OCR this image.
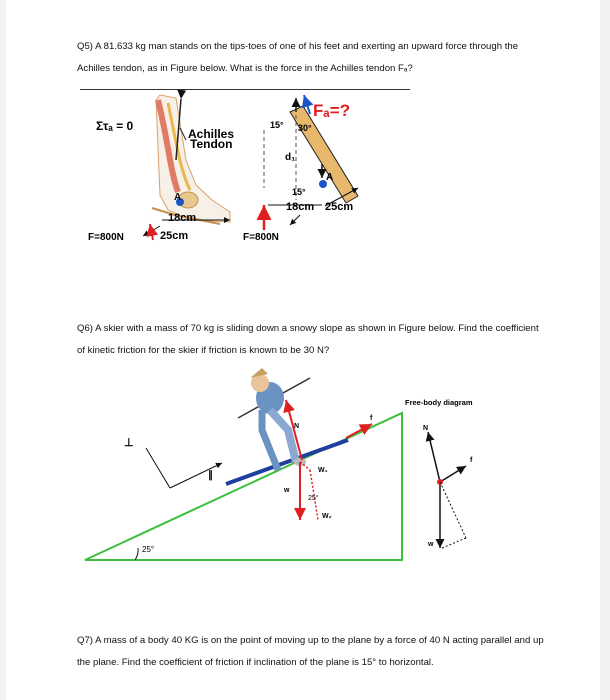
Q5) A 81.633 kg man stands on the tips-toes of one of his feet and exerting an upward force through the Achilles tendon, as in Figure below. What is the force in the Achilles tendon Fₐ?
Στₐ = 0
Achilles
Tendon
A
18cm
25cm
F=800N
Fₐ=?
15° 30°
d₁
A
15°
18cm 25cm
F=800N
Q6) A skier with a mass of 70 kg is sliding down a snowy slope as shown in Figure below. Find the coefficient of kinetic friction for the skier if friction is known to be 30 N?
25°
⊥
∥
N
f
w
W₁
25°
W₂
Free-body diagram
N
f
w
Q7) A mass of a body 40 KG is on the point of moving up to the plane by a force of 40 N acting parallel and up the plane. Find the coefficient of friction if inclination of the plane is 15° to horizontal.
